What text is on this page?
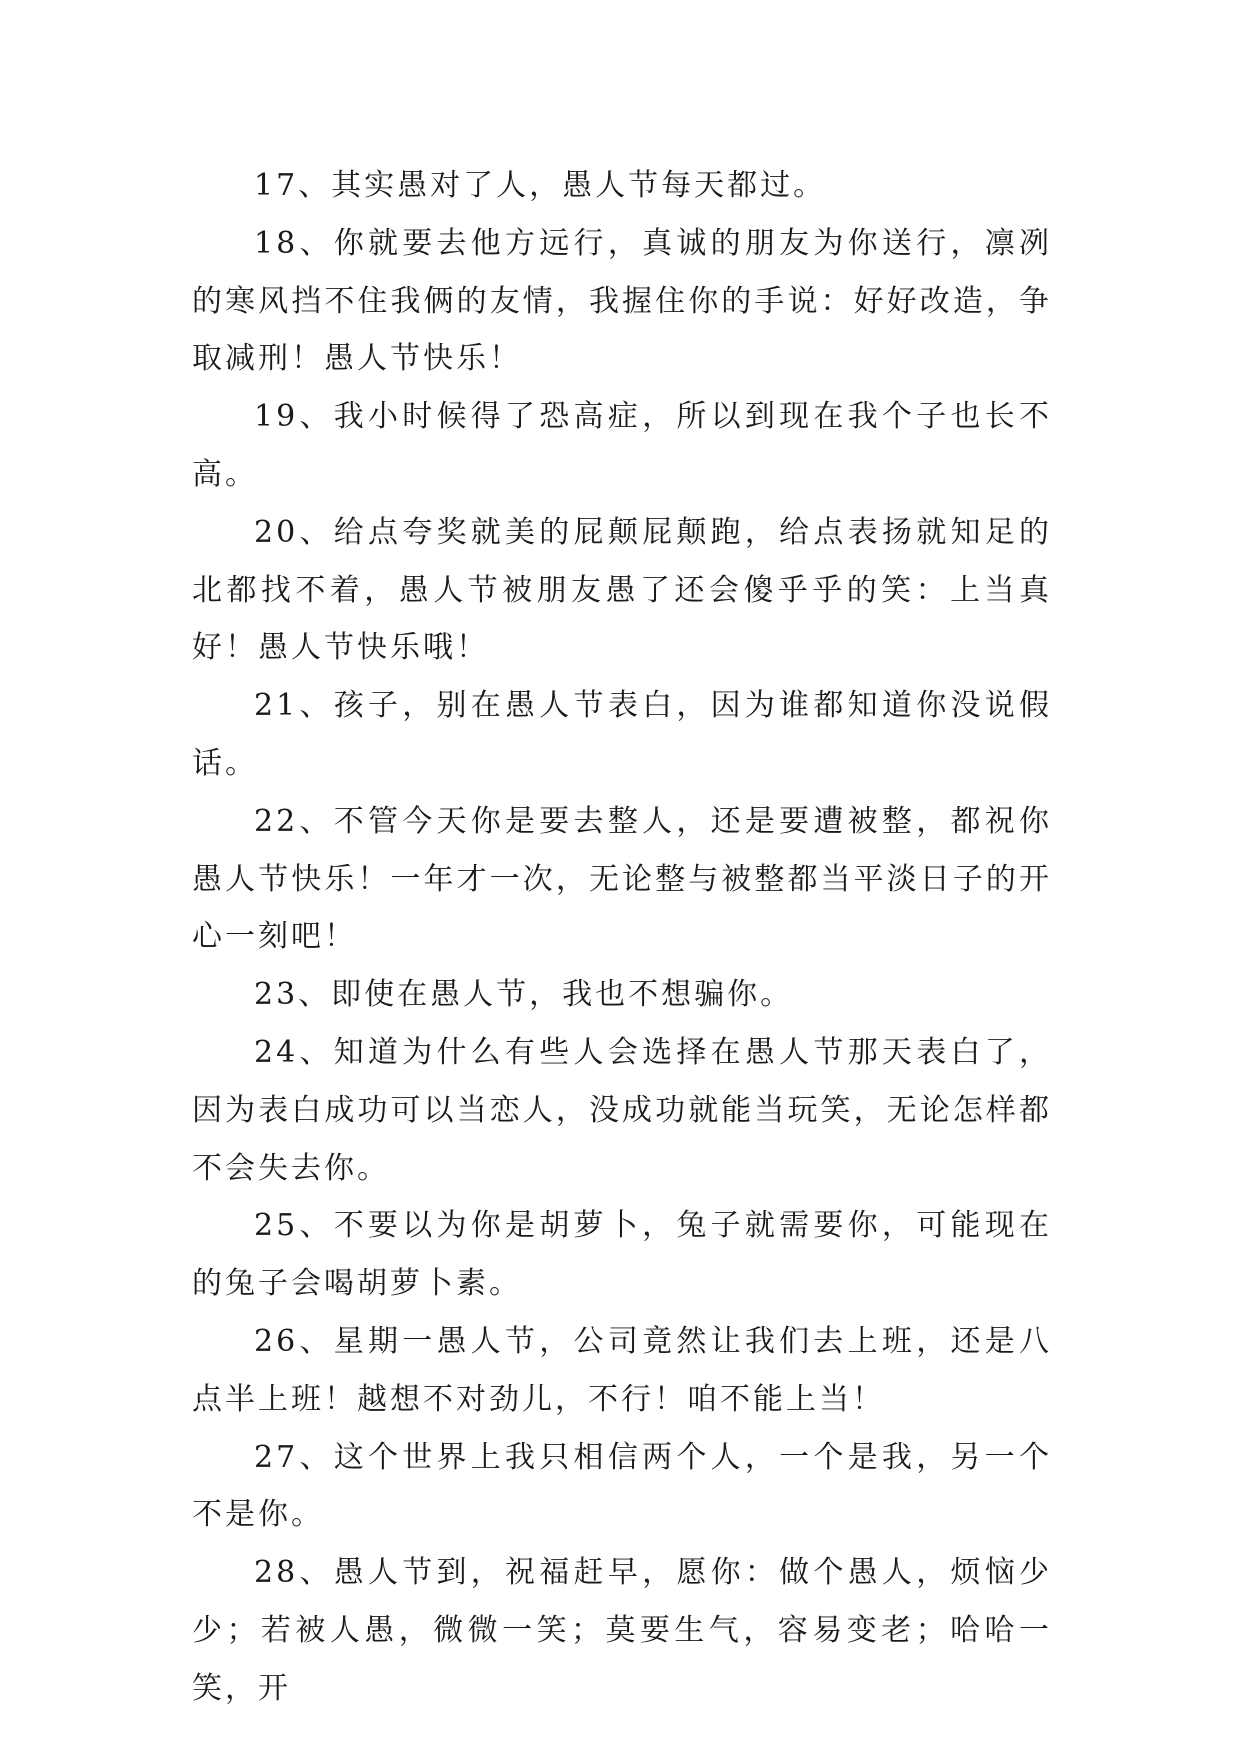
17、其实愚对了人，愚人节每天都过。

18、你就要去他方远行，真诚的朋友为你送行，凛冽的寒风挡不住我俩的友情，我握住你的手说：好好改造，争取减刑！愚人节快乐！

19、我小时候得了恐高症，所以到现在我个子也长不高。

20、给点夸奖就美的屁颠屁颠跑，给点表扬就知足的北都找不着，愚人节被朋友愚了还会傻乎乎的笑：上当真好！愚人节快乐哦！

21、孩子，别在愚人节表白，因为谁都知道你没说假话。

22、不管今天你是要去整人，还是要遭被整，都祝你愚人节快乐！一年才一次，无论整与被整都当平淡日子的开心一刻吧！

23、即使在愚人节，我也不想骗你。

24、知道为什么有些人会选择在愚人节那天表白了，因为表白成功可以当恋人，没成功就能当玩笑，无论怎样都不会失去你。

25、不要以为你是胡萝卜，兔子就需要你，可能现在的兔子会喝胡萝卜素。

26、星期一愚人节，公司竟然让我们去上班，还是八点半上班！越想不对劲儿，不行！咱不能上当！

27、这个世界上我只相信两个人，一个是我，另一个不是你。

28、愚人节到，祝福赶早，愿你：做个愚人，烦恼少少；若被人愚，微微一笑；莫要生气，容易变老；哈哈一笑，开
